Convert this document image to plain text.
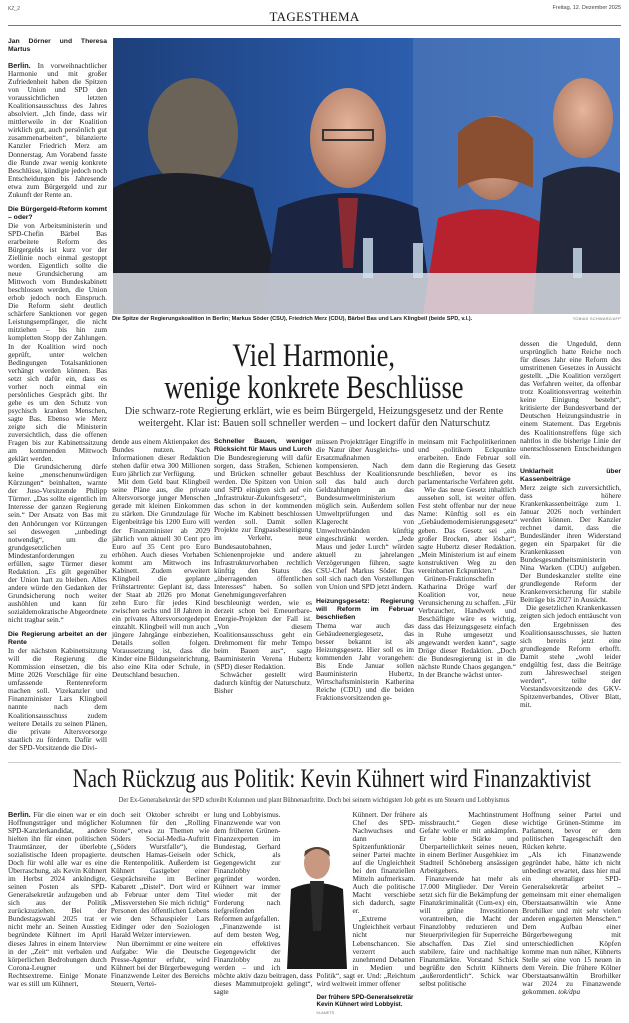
KZ_2	TAGESTHEMA
Freitag, 12. Dezember 2025
Jan Dörner und Theresa Martus

Berlin. In vorweihnachtlicher Harmonie und mit großer Zufriedenheit haben die Spitzen von Union und SPD den voraussichtlichen letzten Koalitionsausschuss des Jahres absolviert. „Ich finde, dass wir mittlerweile in der Koalition wirklich gut, auch persönlich gut zusammenarbeiten“, bilanzierte Kanzler Friedrich Merz am Donnerstag. Am Vorabend fasste die Runde zwar wenig konkrete Beschlüsse, kündigte jedoch noch Entscheidungen bis Jahresende etwa zum Bürgergeld und zur Zukunft der Rente an.

Die Bürgergeld-Reform kommt – oder?

Die von Arbeitsministerin und SPD-Chefin Bärbel Bas erarbeitete Reform des Bürgergelds ist kurz vor der Ziellinie noch einmal gestoppt worden. Eigentlich sollte die neue Grundsicherung am Mittwoch vom Bundeskabinett beschlossen werden, die Union erhob jedoch noch Einspruch. Die Reform sieht deutlich schärfere Sanktionen vor gegen Leistungsempfänger, die nicht mitziehen – bis hin zum kompletten Stopp der Zahlungen. In der Koalition wird noch geprüft, unter welchen Bedingungen Totalsanktionen verhängt werden können. Bas setzt sich dafür ein, dass es vorher noch einmal ein persönliches Gespräch gibt. Ihr gehe es um den Schutz von psychisch kranken Menschen, sagte Bas. Ebenso wie Merz zeigte sich die Ministerin zuversichtlich, dass die offenen Fragen bis zur Kabinettssitzung am kommenden Mittwoch geklärt werden.

Die Grundsicherung dürfe keine „menschenunwürdigen Kürzungen“ beinhalten, warnte der Juso-Vorsitzende Philipp Türmer. „Das sollte eigentlich im Interesse der ganzen Regierung sein.“ Der Ansatz von Bas mit den Anhörungen vor Kürzungen sei deswegen „unbedingt notwendig“, um die grundgesetzlichen Mindestanforderungen zu erfüllen, sagte Türmer dieser Redaktion. „Es gilt gegenüber der Union hart zu bleiben. Alles andere würde den Gedanken der Grundsicherung noch weiter aushöhlen und kann für sozialdemokratische Abgeordnete nicht tragbar sein.“

Die Regierung arbeitet an der Rente

In der nächsten Kabinettsitzung will die Regierung die Kommission einsetzen, die bis Mitte 2026 Vorschläge für eine umfassende Rentenreform machen soll. Vizekanzler und Finanzminister Lars Klingbeil nannte nach dem Koalitionsausschuss zudem weitere Details zu seinen Plänen, die private Altersvorsorge staatlich zu fördern. Dafür will der SPD-Vorsitzende die Divi-

Die Spitze der Regierungskoalition in Berlin; Markus Söder (CSU), Friedrich Merz (CDU), Bärbel Bas und Lars Klingbeil (beide SPD, v.l.).	TOBIAS SCHWARZ/AFP
Viel Harmonie,
wenige konkrete Beschlüsse
Die schwarz-rote Regierung erklärt, wie es beim Bürgergeld, Heizungsgesetz und der Rente weitergeht. Klar ist: Bauen soll schneller werden – und lockert dafür den Naturschutz

dende aus einem Aktienpaket des Bundes nutzen. Nach Informationen dieser Redaktion stehen dafür etwa 300 Millionen Euro jährlich zur Verfügung.

Mit dem Geld baut Klingbeil seine Pläne aus, die private Altersvorsorge junger Menschen gerade mit kleinen Einkommen zu stärken. Die Grundzulage für Eigenbeiträge bis 1200 Euro will der Finanzminister ab 2029 jährlich von aktuell 30 Cent pro Euro auf 35 Cent pro Euro erhöhen. Auch dieses Vorhaben kommt am Mittwoch ins Kabinett. Zudem erweitert Klingbeil die geplante Frühstartrente: Geplant ist, dass der Staat ab 2026 pro Monat zehn Euro für jedes Kind zwischen sechs und 18 Jahren in ein privates Altersvorsorgedepot einzahlt. Klingbeil will nun auch jüngere Jahrgänge einbeziehen, Details sollen folgen. Voraussetzung ist, dass die Kinder eine Bildungseinrichtung, also eine Kita oder Schule, in Deutschland besuchen.

Schneller Bauen, weniger Rücksicht für Maus und Lurch

Die Bundesregierung will dafür sorgen, dass Straßen, Schienen und Brücken schneller gebaut werden. Die Spitzen von Union und SPD einigten sich auf ein „Infrastruktur-Zukunftsgesetz“, das schon in der kommenden Woche im Kabinett beschlossen werden soll. Damit sollen Projekte zur Engpassbeseitigung im Verkehr, neue Bundesautobahnen, Schienenprojekte und andere Infrastrukturvorhaben rechtlich künftig den Status des „überragenden öffentlichen Interesses“ haben. So sollen Genehmigungsverfahren beschleunigt werden, wie es derzeit schon bei Erneuerbare-Energie-Projekten der Fall ist. „Von diesem Koalitionsausschuss geht ein Drehmoment für mehr Tempo beim Bauen aus“, sagte Bauministerin Verena Hubertz (SPD) dieser Redaktion.

Schwächer gestellt wird dadurch künftig der Naturschutz. Bisher

müssen Projektträger Eingriffe in die Natur über Ausgleichs- und Ersatzmaßnahmen kompensieren. Nach dem Beschluss der Koalitionsrunde soll das bald auch durch Geldzahlungen an das Bundesumweltministerium möglich sein. Außerdem sollen Umweltprüfungen und das Klagerecht von Umweltverbänden künftig eingeschränkt werden. „Jede Maus und jeder Lurch“ würden aktuell zu jahrelangen Verzögerungen führen, sagte CSU-Chef Markus Söder. Das soll sich nach den Vorstellungen von Union und SPD jetzt ändern.

Heizungsgesetz: Regierung will Reform im Februar beschließen

Thema war auch das Gebäudeenergiegesetz, das besser bekannt ist als Heizungsgesetz. Hier soll es im kommenden Jahr vorangehen: Bis Ende Januar sollen Bauministerin Hubertz, Wirtschaftsministerin Katherina Reiche (CDU) und die beiden Fraktionsvorsitzenden ge-

meinsam mit Fachpolitikerinnen und -politikern Eckpunkte erarbeiten. Ende Februar soll dann die Regierung das Gesetz beschließen, bevor es ins parlamentarische Verfahren geht.

Wie das neue Gesetz inhaltlich aussehen soll, ist weiter offen. Fest steht offenbar nur der neue Name: Künftig soll es ein „Gebäudemodernisierungsgesetz“ geben. Das Gesetz sei „ein großer Brocken, aber lösbar“, sagte Hubertz dieser Redaktion. „Mein Ministerium ist auf einem konstruktiven Weg zu den vereinbarten Eckpunkten.“

Grünen-Fraktionschefin Katharina Dröge warf der Koalition vor, neue Verunsicherung zu schaffen. „Für Verbraucher, Handwerk und Beschäftigte wäre es wichtig, dass das Heizungsgesetz einfach in Ruhe umgesetzt und angewandt werden kann“, sagte Dröge dieser Redaktion. „Doch die Bundesregierung ist in die nächste Runde Chaos gegangen.“ In der Branche wächst unter-

dessen die Ungeduld, denn ursprünglich hatte Reiche noch für dieses Jahr eine Reform des umstrittenen Gesetzes in Aussicht gestellt. „Die Koalition verzögert das Verfahren weiter, da offenbar trotz Koalitionsvertrag weiterhin keine Einigung besteht“, kritisierte der Bundesverband der Deutschen Heizungsindustrie in einem Statement. Das Ergebnis des Koalitionstreffens füge sich nahtlos in die bisherige Linie der unentschlossenen Entscheidungen ein.

Unklarheit über Kassenbeiträge

Merz zeigte sich zuversichtlich, dass höhere Krankenkassenbeiträge zum 1. Januar 2026 noch verhindert werden können. Der Kanzler rechnet damit, dass die Bundesländer ihren Widerstand gegen ein Sparpaket für die Krankenkassen von Bundesgesundheitsministerin Nina Warken (CDU) aufgeben. Der Bundeskanzler stellte eine grundlegende Reform der Krankenversicherung für stabile Beiträge bis 2027 in Aussicht.

Die gesetzlichen Krankenkassen zeigten sich jedoch enttäuscht von den Ergebnissen des Koalitionsausschusses, sie hatten sich bereits jetzt eine grundlegende Reform erhofft. Damit stehe „wohl leider endgültig fest, dass die Beiträge zum Jahreswechsel steigen werden“, teilte der Vorstandsvorsitzende des GKV-Spitzenverbandes, Oliver Blatt, mit.

Nach Rückzug aus Politik: Kevin Kühnert wird Finanzaktivist
Der Ex-Generalsekretär der SPD schreibt Kolumnen und plant Bühnenauftritte. Doch bei seinem wichtigsten Job geht es um Steuern und Lobbyismus

Berlin. Für die einen war er ein Hoffnungsträger und möglicher SPD-Kanzlerkandidat, andere hielten ihn für einen politischen Traumtänzer, der überlebte sozialistische Ideen propagierte. Doch für wohl alle war es eine Überraschung, als Kevin Kühnert im Herbst 2024 ankündigte, seinen Posten als SPD-Generalsekretär aufzugeben und sich aus der Politik zurückzuziehen. Bei der Bundestagswahl 2025 trat er nicht mehr an. Seinen Ausstieg begründete Kühnert im April dieses Jahres in einem Interview in der „Zeit“ mit verbalen und körperlichen Bedrohungen durch Corona-Leugner und Rechtsextreme. Einige Monate war es still um Kühnert,

doch seit Oktober schreibt er Kolumnen für den „Rolling Stone“, etwa zu Themen wie Söders Social-Media-Auftritt („Söders Wurstfalle“), die deutschen Hamas-Geiseln oder die Rentenpolitik. Außerdem ist Kühnert Gastgeber einer Gesprächsreihe im Berliner Kabarett „Distel“. Dort wird er ab Februar unter dem Titel „Missverstehen Sie mich richtig“ Personen des öffentlichen Lebens wie den Schauspieler Lars Eidinger oder den Soziologen Harald Welzer interviewen.

Nun übernimmt er eine weitere Aufgabe: Wie die Deutsche Presse-Agentur erfuhr, wird Kühnert bei der Bürgerbewegung Finanzwende Leiter des Bereichs Steuern, Vertei-

lung und Lobbyismus. Finanzwende war von dem früheren Grünen-Finanzexperten im Bundestag, Gerhard Schick, als Gegengewicht zur Finanzlobby gegründet worden. Kühnert war immer wieder mit der Forderung nach tiefgreifenden Reformen aufgefallen.

„Finanzwende ist auf dem besten Weg, ein effektives Gegengewicht der Finanzlobby zu werden – und ich möchte aktiv dazu beitragen, dass dieses Mammutprojekt gelingt“, sagte

Kühnert. Der frühere Chef des SPD-Nachwuchses und dann Spitzenfunktionär seiner Partei machte auf die Ungleichheit bei den finanziellen Mitteln aufmerksam. Auch die politische Macht verschiebe sich dadurch, sagte er.

„Extreme Ungleichheit verbaut nicht nur Lebenschancen. Sie verzerrt auch zunehmend Debatten in Medien und Politik“, sagt er. Und: „Reichtum wird weltweit immer offener

Der frühere SPD-Generalsekretär Kevin Kühnert wird Lobbyist. KLAMETS

als Machtinstrument missbraucht.“ Gegen diese Gefahr wolle er mit ankämpfen. Er lobte Stärke und Überparteilichkeit seines neuen, in einem Berliner Ausgehkiez im Stadtteil Schöneberg ansässigen Arbeitgebers.

Finanzwende hat mehr als 17.000 Mitglieder. Der Verein setzt sich für die Bekämpfung der Finanzkriminalität (Cum-ex) ein, will grüne Investitionen vorantreiben, die Macht der Finanzlobby reduzieren und Steuerprivilegien für Superreiche abschaffen. Das Ziel sind stabilere, faire und nachhaltige Finanzmärkte. Vorstand Schick begrüßte den Schritt Kühnerts „außerordentlich“. Schick war selbst politische

Hoffnung seiner Partei und wichtige Grünen-Stimme im Parlament, bevor er dem politischen Tagesgeschäft den Rücken kehrte.

„Als ich Finanzwende gegründet habe, hätte ich nicht unbedingt erwartet, dass hier mal ein ehemaliger SPD-Generalsekretär arbeitet – gemeinsam mit einer ehemaligen Oberstaatsanwältin wie Anne Brorhilker und mit sehr vielen anderen engagierten Menschen.“ Dem Aufbau einer Bürgerbewegung mit unterschiedlichen Köpfen komme man nun näher, Kühnerts Stelle sei eine von 15 neuen in dem Verein. Die frühere Kölner Oberstaatsanwältin Brorhilker war 2024 zu Finanzwende gekommen. tok/dpa
